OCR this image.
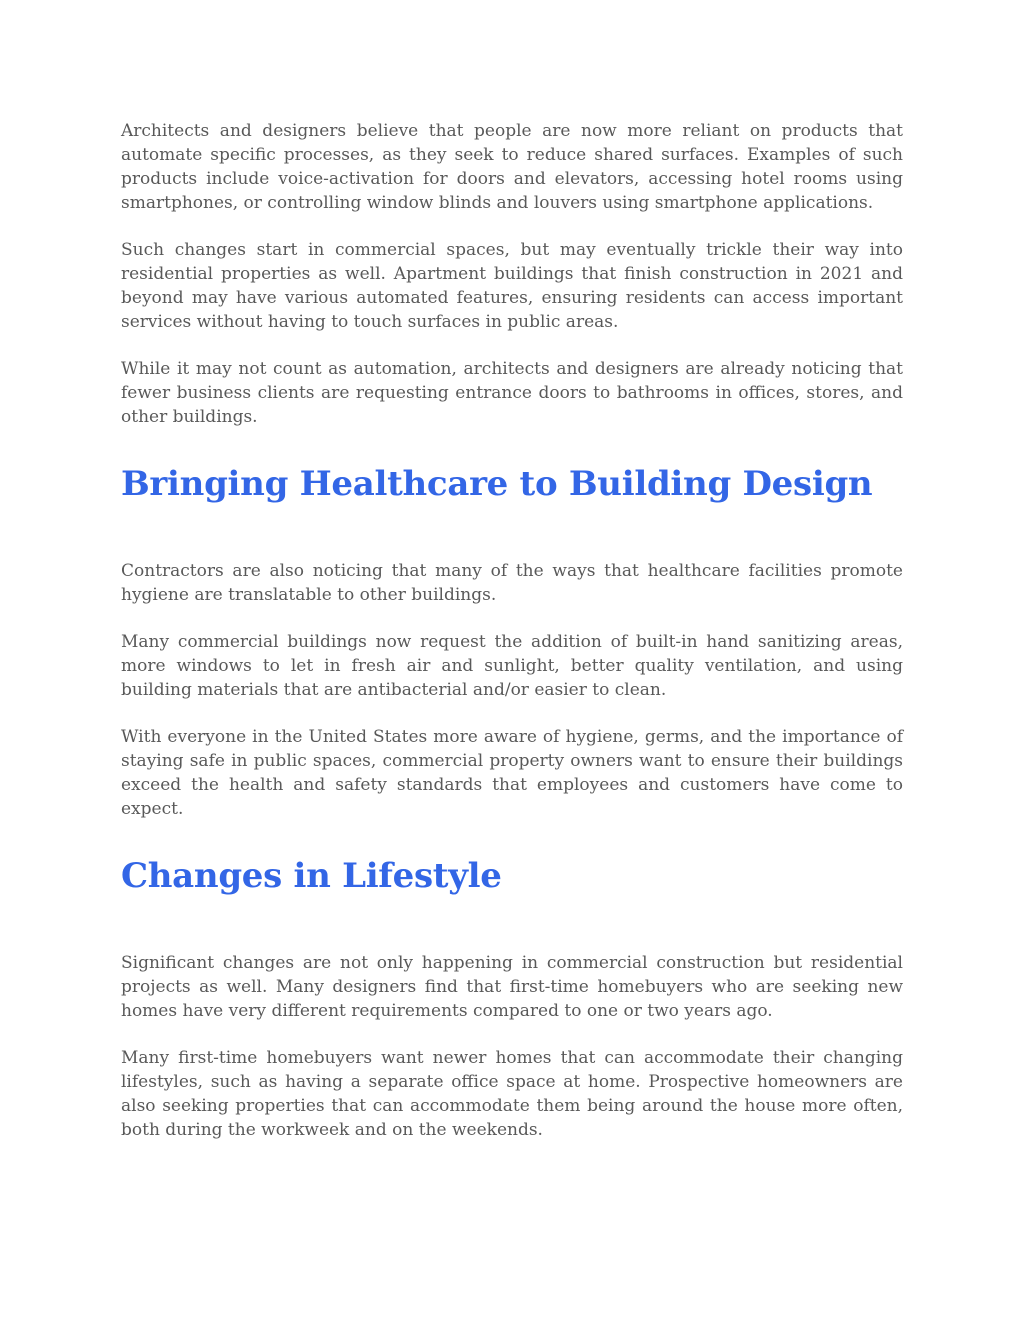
Architects and designers believe that people are now more reliant on products that automate specific processes, as they seek to reduce shared surfaces. Examples of such products include voice-activation for doors and elevators, accessing hotel rooms using smartphones, or controlling window blinds and louvers using smartphone applications.

Such changes start in commercial spaces, but may eventually trickle their way into residential properties as well. Apartment buildings that finish construction in 2021 and beyond may have various automated features, ensuring residents can access important services without having to touch surfaces in public areas.

While it may not count as automation, architects and designers are already noticing that fewer business clients are requesting entrance doors to bathrooms in offices, stores, and other buildings.

Bringing Healthcare to Building Design

Contractors are also noticing that many of the ways that healthcare facilities promote hygiene are translatable to other buildings.

Many commercial buildings now request the addition of built-in hand sanitizing areas, more windows to let in fresh air and sunlight, better quality ventilation, and using building materials that are antibacterial and/or easier to clean.

With everyone in the United States more aware of hygiene, germs, and the importance of staying safe in public spaces, commercial property owners want to ensure their buildings exceed the health and safety standards that employees and customers have come to expect.

Changes in Lifestyle

Significant changes are not only happening in commercial construction but residential projects as well. Many designers find that first-time homebuyers who are seeking new homes have very different requirements compared to one or two years ago.

Many first-time homebuyers want newer homes that can accommodate their changing lifestyles, such as having a separate office space at home. Prospective homeowners are also seeking properties that can accommodate them being around the house more often, both during the workweek and on the weekends.
